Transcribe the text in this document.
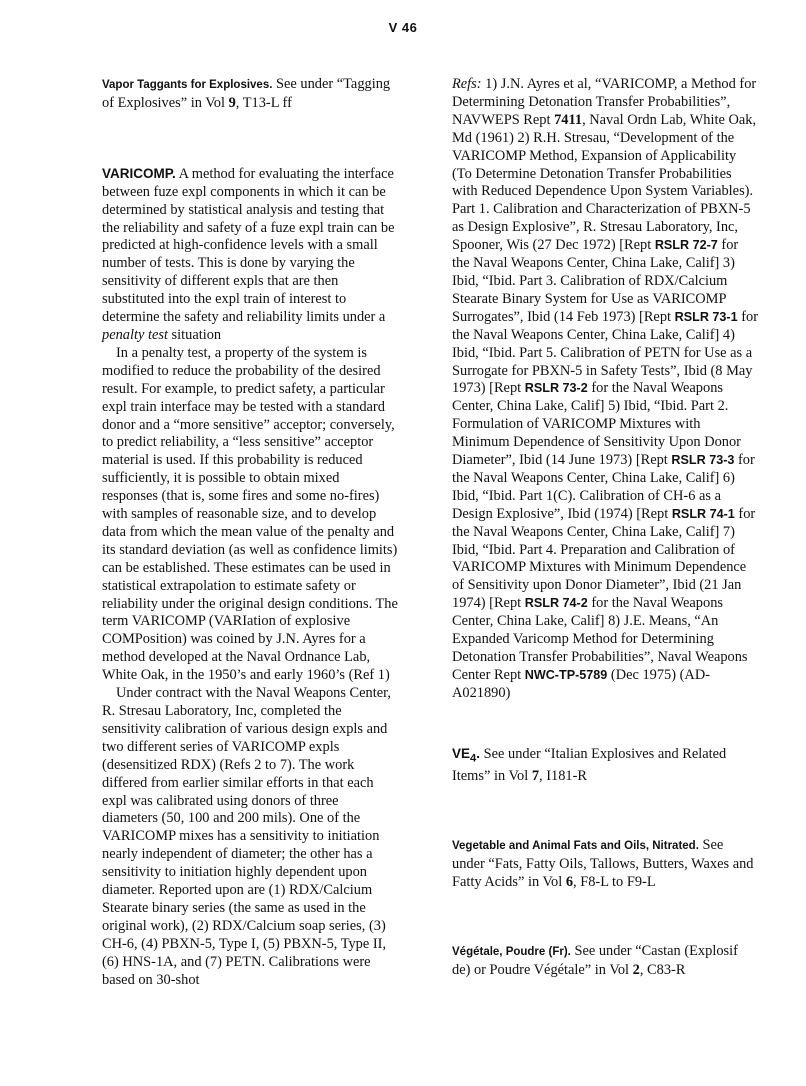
V 46

Vapor Taggants for Explosives. See under “Tagging of Explosives” in Vol 9, T13-L ff

VARICOMP. A method for evaluating the interface between fuze expl components in which it can be determined by statistical analysis and testing that the reliability and safety of a fuze expl train can be predicted at high-confidence levels with a small number of tests. This is done by varying the sensitivity of different expls that are then substituted into the expl train of interest to determine the safety and reliability limits under a penalty test situation

In a penalty test, a property of the system is modified to reduce the probability of the desired result. For example, to predict safety, a particular expl train interface may be tested with a standard donor and a “more sensitive” acceptor; conversely, to predict reliability, a “less sensitive” acceptor material is used. If this probability is reduced sufficiently, it is possible to obtain mixed responses (that is, some fires and some no-fires) with samples of reasonable size, and to develop data from which the mean value of the penalty and its standard deviation (as well as confidence limits) can be established. These estimates can be used in statistical extrapolation to estimate safety or reliability under the original design conditions. The term VARICOMP (VARIation of explosive COMPosition) was coined by J.N. Ayres for a method developed at the Naval Ordnance Lab, White Oak, in the 1950’s and early 1960’s (Ref 1)

Under contract with the Naval Weapons Center, R. Stresau Laboratory, Inc, completed the sensitivity calibration of various design expls and two different series of VARICOMP expls (desensitized RDX) (Refs 2 to 7). The work differed from earlier similar efforts in that each expl was calibrated using donors of three diameters (50, 100 and 200 mils). One of the VARICOMP mixes has a sensitivity to initiation nearly independent of diameter; the other has a sensitivity to initiation highly dependent upon diameter. Reported upon are (1) RDX/Calcium Stearate binary series (the same as used in the original work), (2) RDX/Calcium soap series, (3) CH-6, (4) PBXN-5, Type I, (5) PBXN-5, Type II, (6) HNS-1A, and (7) PETN. Calibrations were based on 30-shot

Refs: 1) J.N. Ayres et al, “VARICOMP, a Method for Determining Detonation Transfer Probabilities”, NAVWEPS Rept 7411, Naval Ordn Lab, White Oak, Md (1961) 2) R.H. Stresau, “Development of the VARICOMP Method, Expansion of Applicability (To Determine Detonation Transfer Probabilities with Reduced Dependence Upon System Variables). Part 1. Calibration and Characterization of PBXN-5 as Design Explosive”, R. Stresau Laboratory, Inc, Spooner, Wis (27 Dec 1972) [Rept RSLR 72-7 for the Naval Weapons Center, China Lake, Calif] 3) Ibid, “Ibid. Part 3. Calibration of RDX/Calcium Stearate Binary System for Use as VARICOMP Surrogates”, Ibid (14 Feb 1973) [Rept RSLR 73-1 for the Naval Weapons Center, China Lake, Calif] 4) Ibid, “Ibid. Part 5. Calibration of PETN for Use as a Surrogate for PBXN-5 in Safety Tests”, Ibid (8 May 1973) [Rept RSLR 73-2 for the Naval Weapons Center, China Lake, Calif] 5) Ibid, “Ibid. Part 2. Formulation of VARICOMP Mixtures with Minimum Dependence of Sensitivity Upon Donor Diameter”, Ibid (14 June 1973) [Rept RSLR 73-3 for the Naval Weapons Center, China Lake, Calif] 6) Ibid, “Ibid. Part 1(C). Calibration of CH-6 as a Design Explosive”, Ibid (1974) [Rept RSLR 74-1 for the Naval Weapons Center, China Lake, Calif] 7) Ibid, “Ibid. Part 4. Preparation and Calibration of VARICOMP Mixtures with Minimum Dependence of Sensitivity upon Donor Diameter”, Ibid (21 Jan 1974) [Rept RSLR 74-2 for the Naval Weapons Center, China Lake, Calif] 8) J.E. Means, “An Expanded Varicomp Method for Determining Detonation Transfer Probabilities”, Naval Weapons Center Rept NWC-TP-5789 (Dec 1975) (AD-A021890)

$VE_4$. See under “Italian Explosives and Related Items” in Vol 7, I181-R

Vegetable and Animal Fats and Oils, Nitrated. See under “Fats, Fatty Oils, Tallows, Butters, Waxes and Fatty Acids” in Vol 6, F8-L to F9-L

Végétale, Poudre (Fr). See under “Castan (Explosif de) or Poudre Végétale” in Vol 2, C83-R
